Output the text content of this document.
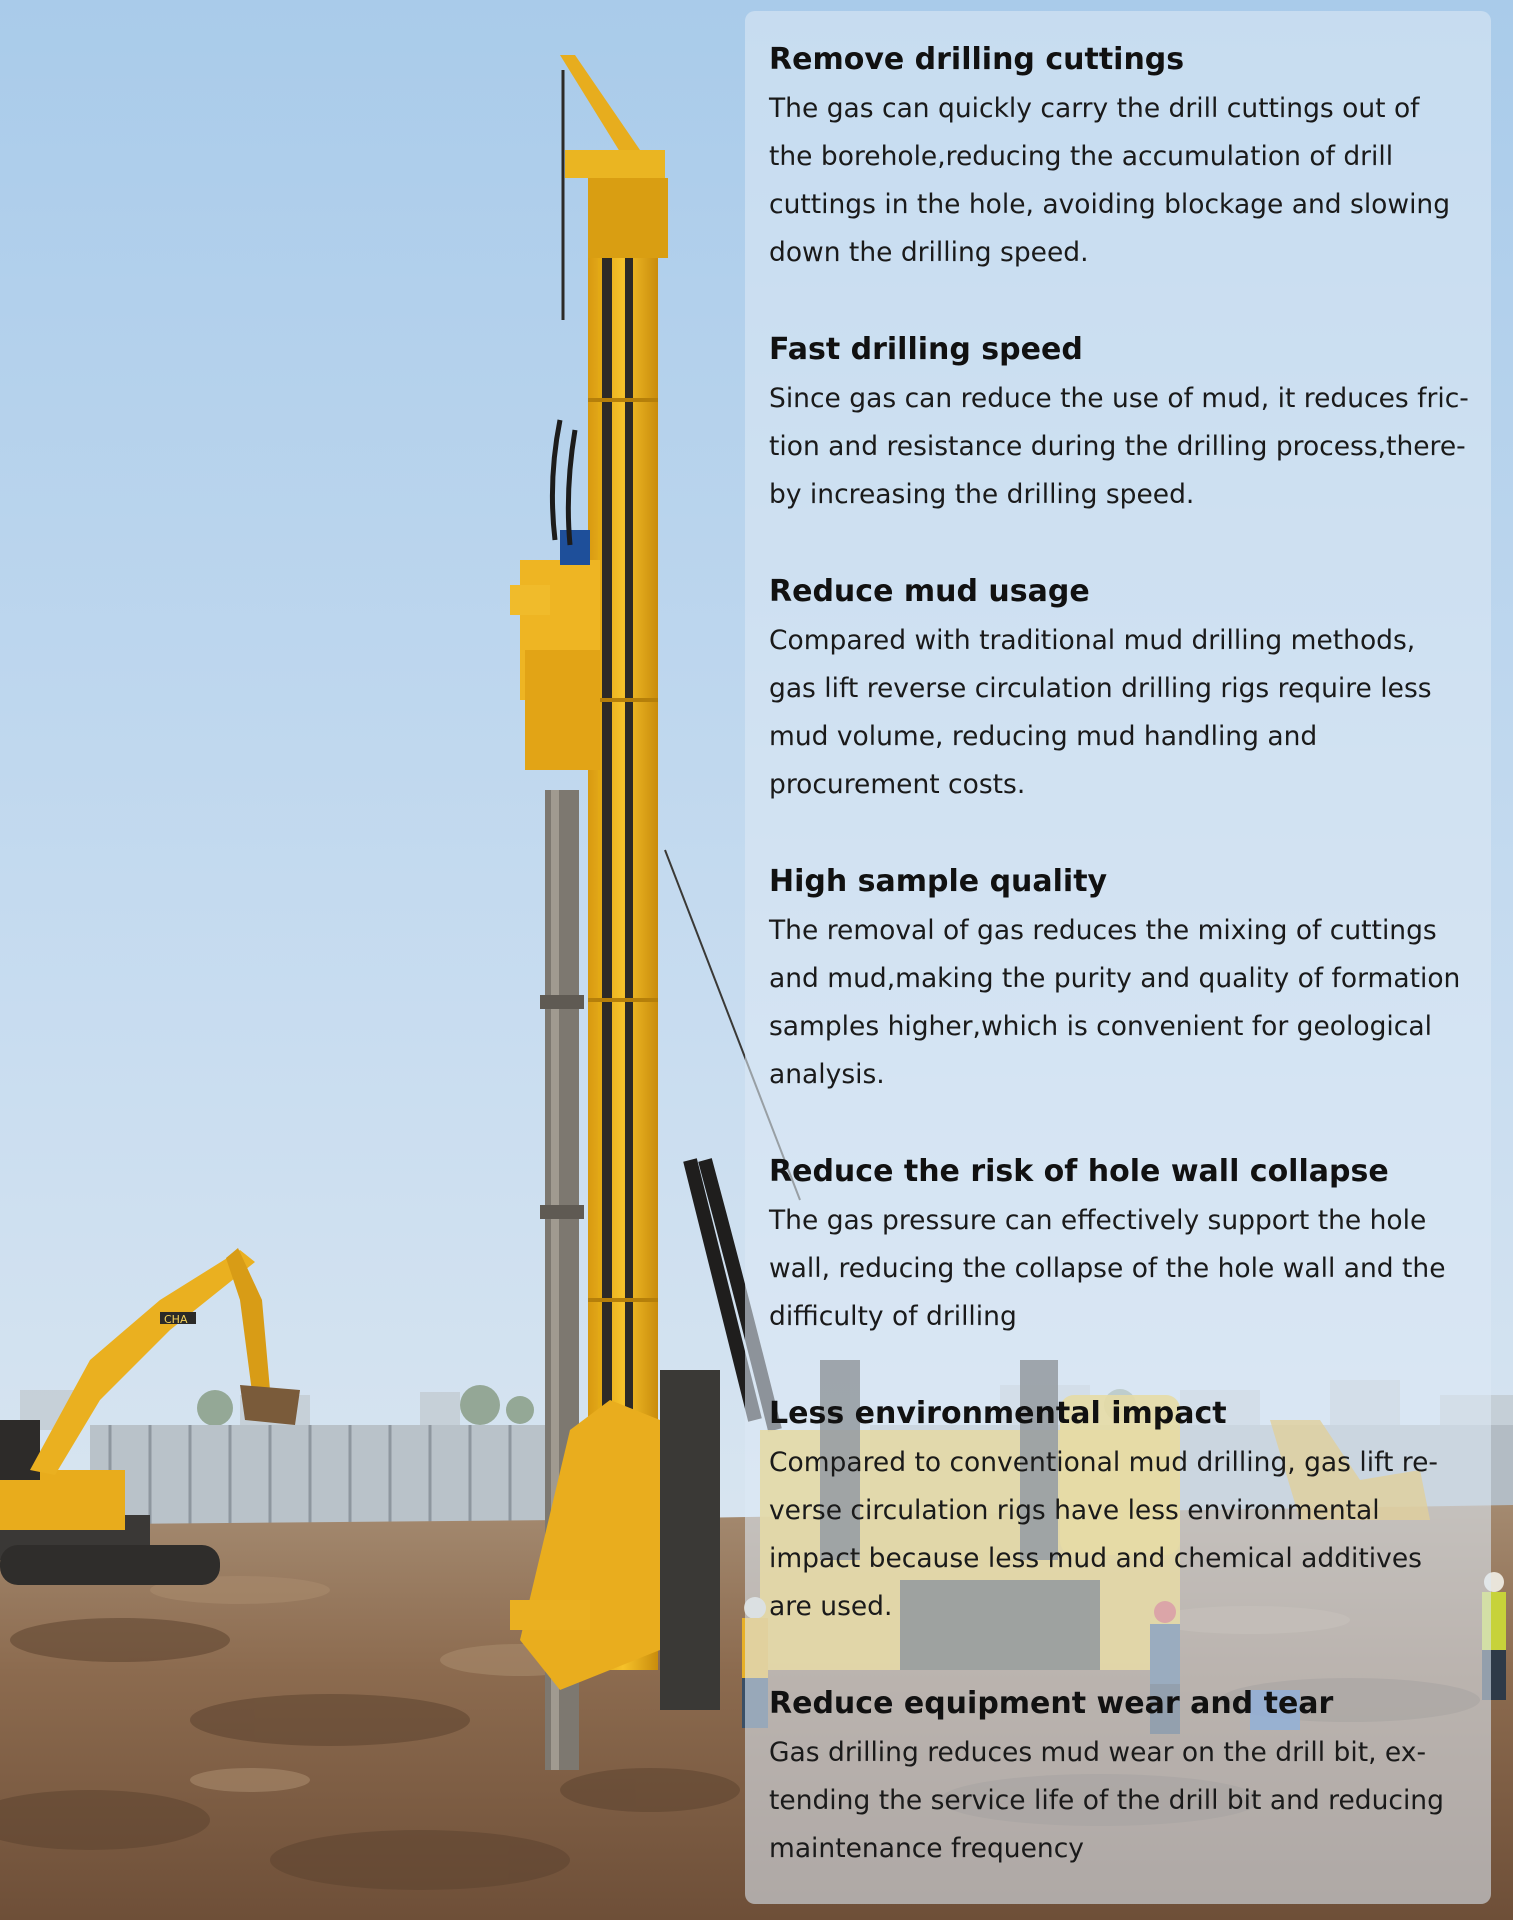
CHA
Remove drilling cuttings

The gas can quickly carry the drill cuttings out of the borehole,reducing the accumulation of drill cuttings in the hole, avoiding blockage and slowing down the drilling speed.

Fast drilling speed

Since gas can reduce the use of mud, it reduces fric- tion and resistance during the drilling process,there- by increasing the drilling speed.

Reduce mud usage

Compared with traditional mud drilling methods, gas lift reverse circulation drilling rigs require less mud volume, reducing mud handling and procurement costs.

High sample quality

The removal of gas reduces the mixing of cuttings and mud,making the purity and quality of formation samples higher,which is convenient for geological analysis.

Reduce the risk of hole wall collapse

The gas pressure can effectively support the hole wall, reducing the collapse of the hole wall and the difficulty of drilling

Less environmental impact

Compared to conventional mud drilling, gas lift re- verse circulation rigs have less environmental impact because less mud and chemical additives are used.

Reduce equipment wear and tear

Gas drilling reduces mud wear on the drill bit, ex- tending the service life of the drill bit and reducing maintenance frequency
